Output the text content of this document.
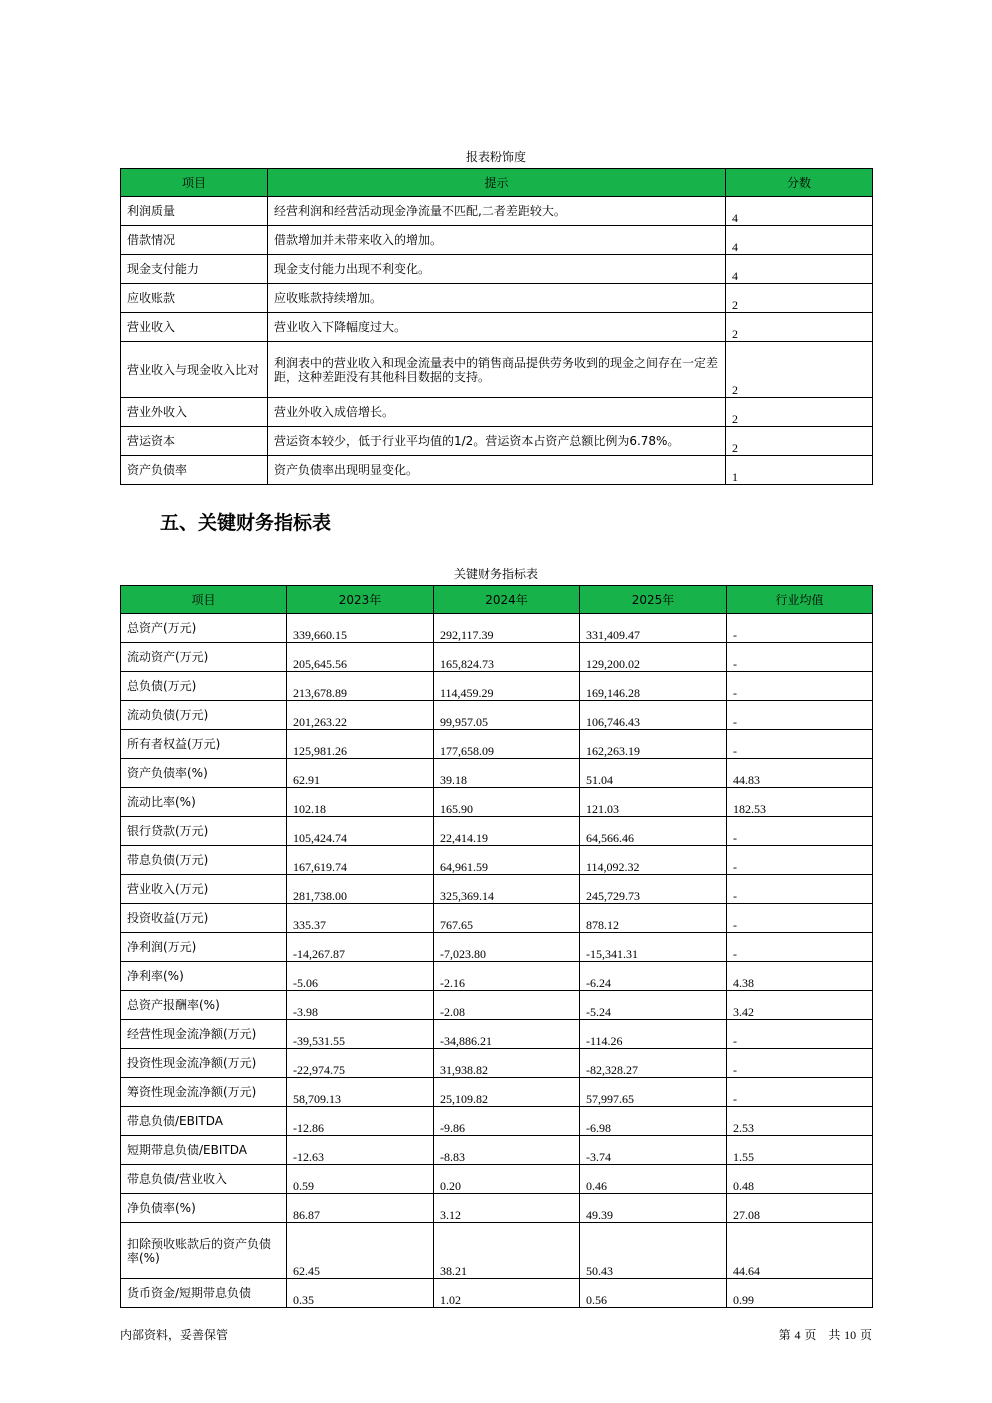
报表粉饰度
项目	提示	分数
利润质量	经营利润和经营活动现金净流量不匹配,二者差距较大。	4
借款情况	借款增加并未带来收入的增加。	4
现金支付能力	现金支付能力出现不利变化。	4
应收账款	应收账款持续增加。	2
营业收入	营业收入下降幅度过大。	2
营业收入与现金收入比对	利润表中的营业收入和现金流量表中的销售商品提供劳务收到的现金之间存在一定差距，这种差距没有其他科目数据的支持。	2
营业外收入	营业外收入成倍增长。	2
营运资本	营运资本较少，低于行业平均值的1/2。营运资本占资产总额比例为6.78%。	2
资产负债率	资产负债率出现明显变化。	1
五、关键财务指标表
关键财务指标表
项目	2023年	2024年	2025年	行业均值
总资产(万元)	339,660.15	292,117.39	331,409.47	-
流动资产(万元)	205,645.56	165,824.73	129,200.02	-
总负债(万元)	213,678.89	114,459.29	169,146.28	-
流动负债(万元)	201,263.22	99,957.05	106,746.43	-
所有者权益(万元)	125,981.26	177,658.09	162,263.19	-
资产负债率(%)	62.91	39.18	51.04	44.83
流动比率(%)	102.18	165.90	121.03	182.53
银行贷款(万元)	105,424.74	22,414.19	64,566.46	-
带息负债(万元)	167,619.74	64,961.59	114,092.32	-
营业收入(万元)	281,738.00	325,369.14	245,729.73	-
投资收益(万元)	335.37	767.65	878.12	-
净利润(万元)	-14,267.87	-7,023.80	-15,341.31	-
净利率(%)	-5.06	-2.16	-6.24	4.38
总资产报酬率(%)	-3.98	-2.08	-5.24	3.42
经营性现金流净额(万元)	-39,531.55	-34,886.21	-114.26	-
投资性现金流净额(万元)	-22,974.75	31,938.82	-82,328.27	-
筹资性现金流净额(万元)	58,709.13	25,109.82	57,997.65	-
带息负债/EBITDA	-12.86	-9.86	-6.98	2.53
短期带息负债/EBITDA	-12.63	-8.83	-3.74	1.55
带息负债/营业收入	0.59	0.20	0.46	0.48
净负债率(%)	86.87	3.12	49.39	27.08
扣除预收账款后的资产负债率(%)	62.45	38.21	50.43	44.64
货币资金/短期带息负债	0.35	1.02	0.56	0.99
内部资料，妥善保管	第 4 页　共 10 页
